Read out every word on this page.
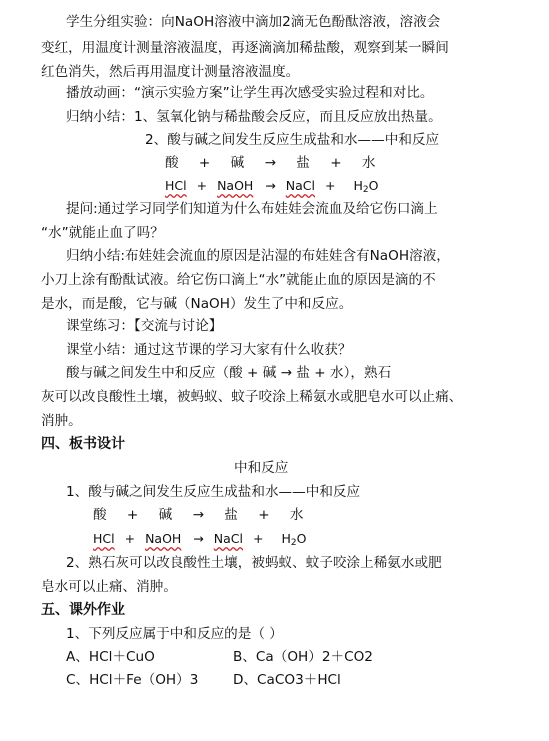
学生分组实验：向NaOH溶液中滴加2滴无色酚酞溶液，溶液会
变红，用温度计测量溶液温度，再逐滴滴加稀盐酸，观察到某一瞬间
红色消失，然后再用温度计测量溶液温度。
播放动画：“演示实验方案”让学生再次感受实验过程和对比。
归纳小结：1、氢氧化钠与稀盐酸会反应，而且反应放出热量。
2、酸与碱之间发生反应生成盐和水——中和反应
酸 + 碱 → 盐 + 水
HCl + NaOH → NaCl + H2O
提问:通过学习同学们知道为什么布娃娃会流血及给它伤口滴上
“水”就能止血了吗？
归纳小结:布娃娃会流血的原因是沾湿的布娃娃含有NaOH溶液，
小刀上涂有酚酞试液。给它伤口滴上“水”就能止血的原因是滴的不
是水，而是酸，它与碱（NaOH）发生了中和反应。
课堂练习：【交流与讨论】
课堂小结：通过这节课的学习大家有什么收获？
酸与碱之间发生中和反应（酸 + 碱 → 盐 + 水），熟石
灰可以改良酸性土壤，被蚂蚁、蚊子咬涂上稀氨水或肥皂水可以止痛、
消肿。
四、板书设计
中和反应
1、酸与碱之间发生反应生成盐和水——中和反应
酸 + 碱 → 盐 + 水
HCl + NaOH → NaCl + H2O
2、熟石灰可以改良酸性土壤，被蚂蚁、蚊子咬涂上稀氨水或肥
皂水可以止痛、消肿。
五、课外作业
1、下列反应属于中和反应的是（ ）
A、HCl＋CuO	B、Ca（OH）2＋CO2
C、HCl＋Fe（OH）3	D、CaCO3＋HCl
